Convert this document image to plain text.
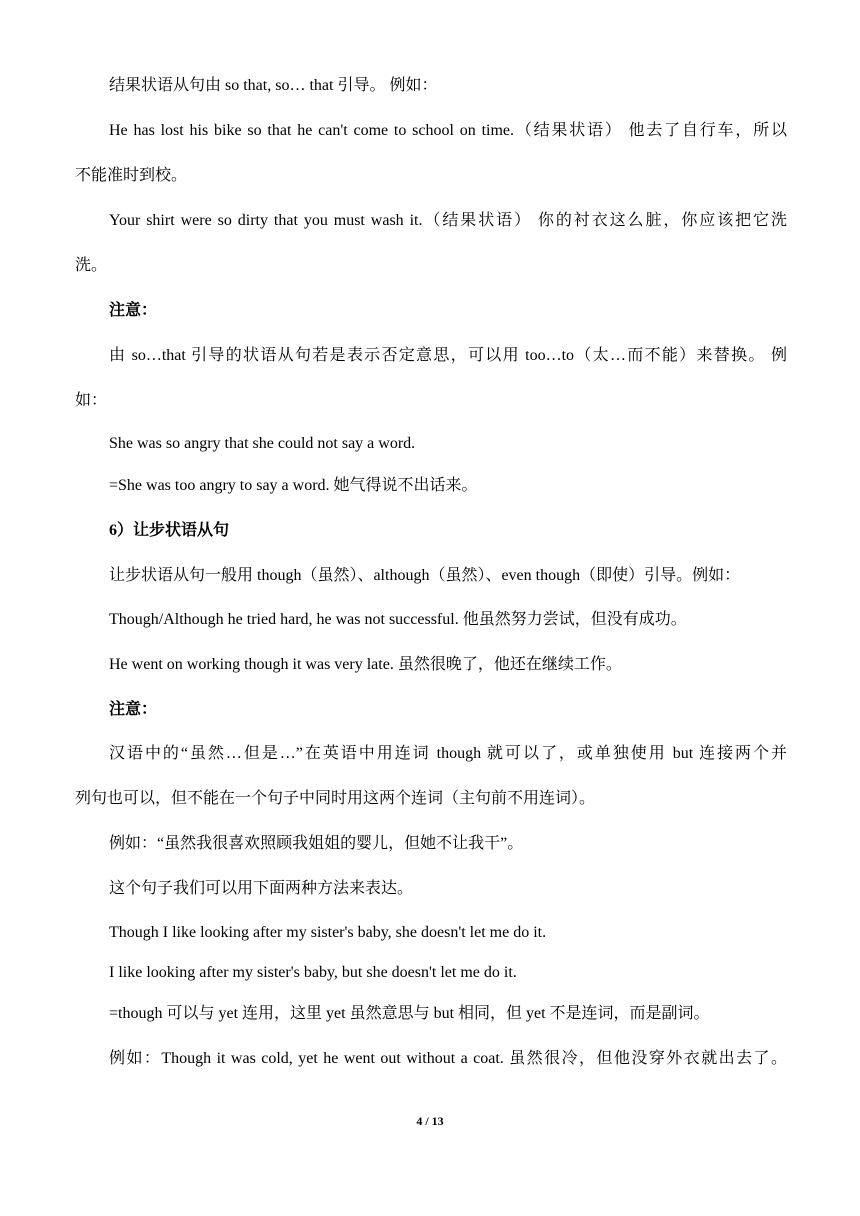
结果状语从句由 so that, so… that 引导。 例如：
He has lost his bike so that he can't come to school on time.（结果状语） 他去了自行车，所以
不能准时到校。
Your shirt were so dirty that you must wash it.（结果状语） 你的衬衣这么脏，你应该把它洗
洗。
注意：
由 so…that 引导的状语从句若是表示否定意思，可以用 too…to（太…而不能）来替换。 例
如：
She was so angry that she could not say a word.
=She was too angry to say a word. 她气得说不出话来。
6）让步状语从句
让步状语从句一般用 though（虽然）、although（虽然）、even though（即使）引导。例如：
Though/Although he tried hard, he was not successful. 他虽然努力尝试，但没有成功。
He went on working though it was very late. 虽然很晚了，他还在继续工作。
注意：
汉语中的“虽然…但是…”在英语中用连词 though 就可以了，或单独使用 but 连接两个并
列句也可以，但不能在一个句子中同时用这两个连词（主句前不用连词）。
例如：“虽然我很喜欢照顾我姐姐的婴儿，但她不让我干”。
这个句子我们可以用下面两种方法来表达。
Though I like looking after my sister's baby, she doesn't let me do it.
I like looking after my sister's baby, but she doesn't let me do it.
=though 可以与 yet 连用，这里 yet 虽然意思与 but 相同，但 yet 不是连词，而是副词。
例如：Though it was cold, yet he went out without a coat. 虽然很冷，但他没穿外衣就出去了。
4 / 13
